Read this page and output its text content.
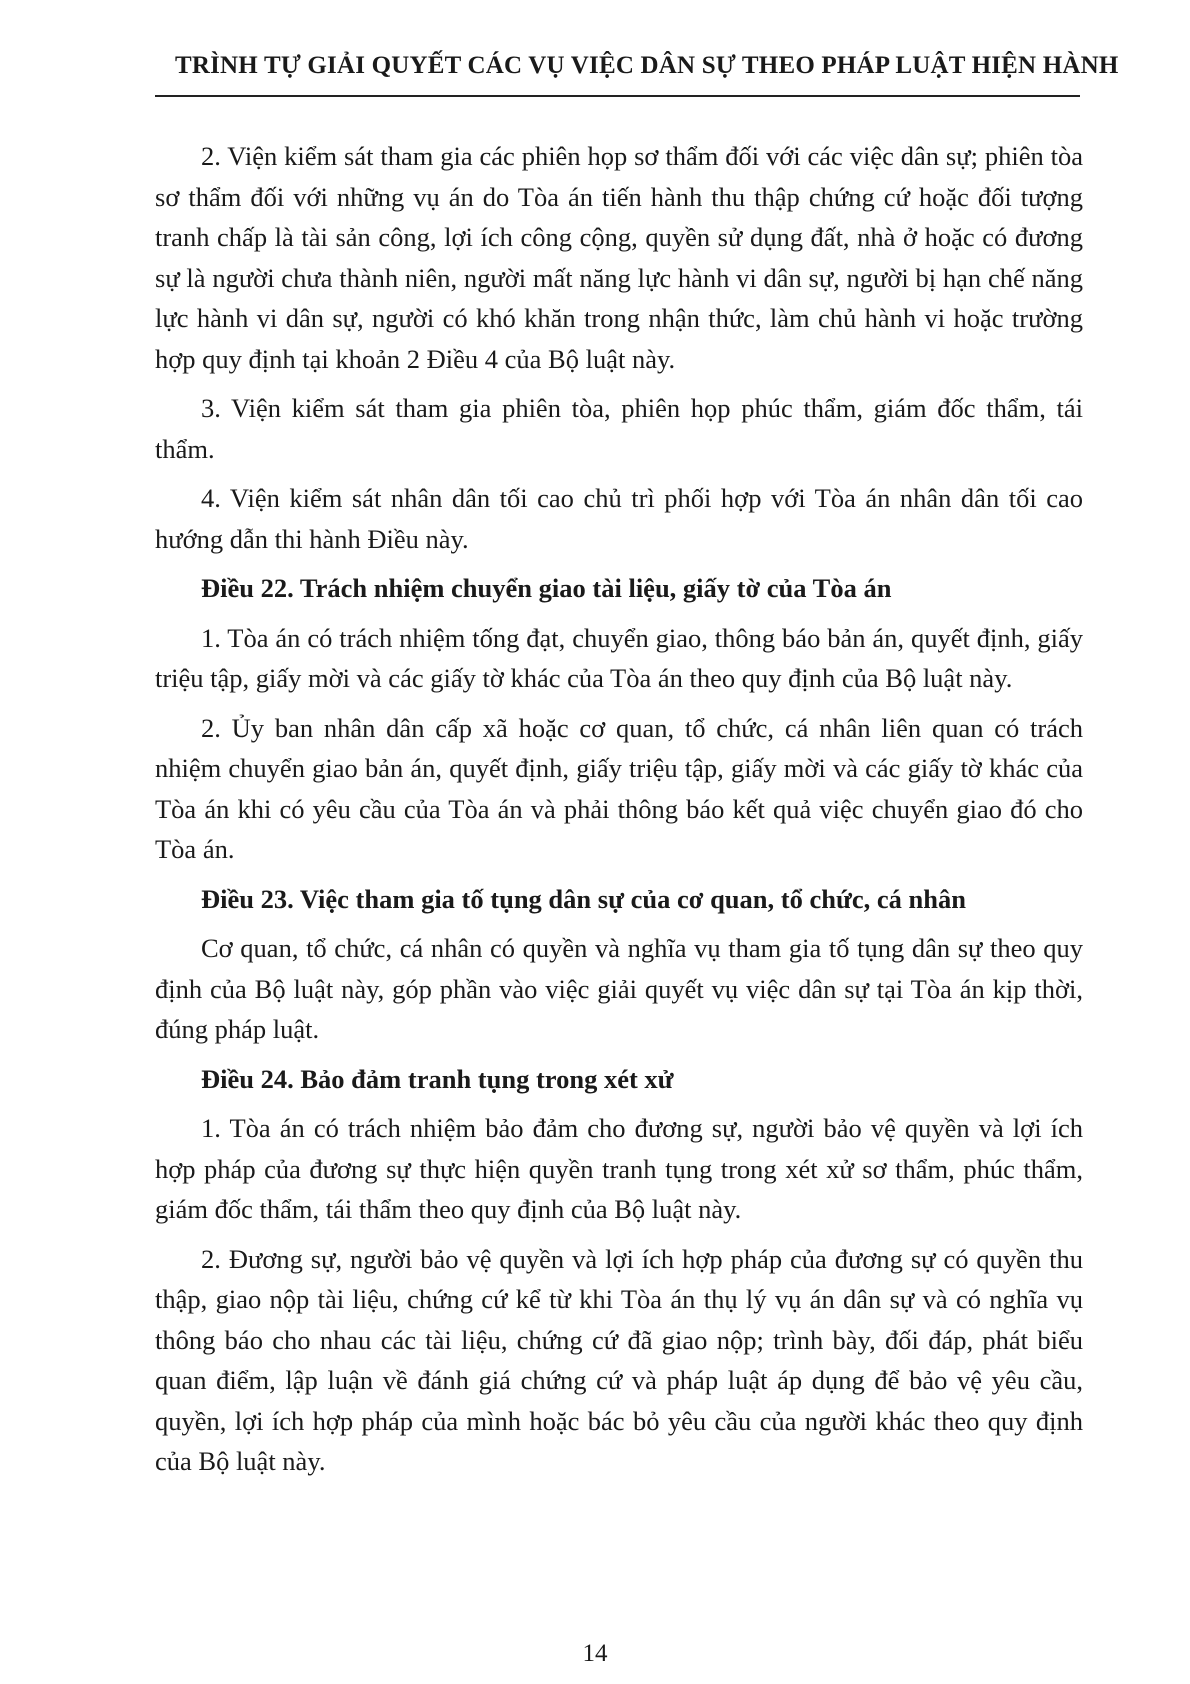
TRÌNH TỰ GIẢI QUYẾT CÁC VỤ VIỆC DÂN SỰ THEO PHÁP LUẬT HIỆN HÀNH

2. Viện kiểm sát tham gia các phiên họp sơ thẩm đối với các việc dân sự; phiên tòa sơ thẩm đối với những vụ án do Tòa án tiến hành thu thập chứng cứ hoặc đối tượng tranh chấp là tài sản công, lợi ích công cộng, quyền sử dụng đất, nhà ở hoặc có đương sự là người chưa thành niên, người mất năng lực hành vi dân sự, người bị hạn chế năng lực hành vi dân sự, người có khó khăn trong nhận thức, làm chủ hành vi hoặc trường hợp quy định tại khoản 2 Điều 4 của Bộ luật này.

3. Viện kiểm sát tham gia phiên tòa, phiên họp phúc thẩm, giám đốc thẩm, tái thẩm.

4. Viện kiểm sát nhân dân tối cao chủ trì phối hợp với Tòa án nhân dân tối cao hướng dẫn thi hành Điều này.

Điều 22. Trách nhiệm chuyển giao tài liệu, giấy tờ của Tòa án

1. Tòa án có trách nhiệm tống đạt, chuyển giao, thông báo bản án, quyết định, giấy triệu tập, giấy mời và các giấy tờ khác của Tòa án theo quy định của Bộ luật này.

2. Ủy ban nhân dân cấp xã hoặc cơ quan, tổ chức, cá nhân liên quan có trách nhiệm chuyển giao bản án, quyết định, giấy triệu tập, giấy mời và các giấy tờ khác của Tòa án khi có yêu cầu của Tòa án và phải thông báo kết quả việc chuyển giao đó cho Tòa án.

Điều 23. Việc tham gia tố tụng dân sự của cơ quan, tổ chức, cá nhân

Cơ quan, tổ chức, cá nhân có quyền và nghĩa vụ tham gia tố tụng dân sự theo quy định của Bộ luật này, góp phần vào việc giải quyết vụ việc dân sự tại Tòa án kịp thời, đúng pháp luật.

Điều 24. Bảo đảm tranh tụng trong xét xử

1. Tòa án có trách nhiệm bảo đảm cho đương sự, người bảo vệ quyền và lợi ích hợp pháp của đương sự thực hiện quyền tranh tụng trong xét xử sơ thẩm, phúc thẩm, giám đốc thẩm, tái thẩm theo quy định của Bộ luật này.

2. Đương sự, người bảo vệ quyền và lợi ích hợp pháp của đương sự có quyền thu thập, giao nộp tài liệu, chứng cứ kể từ khi Tòa án thụ lý vụ án dân sự và có nghĩa vụ thông báo cho nhau các tài liệu, chứng cứ đã giao nộp; trình bày, đối đáp, phát biểu quan điểm, lập luận về đánh giá chứng cứ và pháp luật áp dụng để bảo vệ yêu cầu, quyền, lợi ích hợp pháp của mình hoặc bác bỏ yêu cầu của người khác theo quy định của Bộ luật này.

14
